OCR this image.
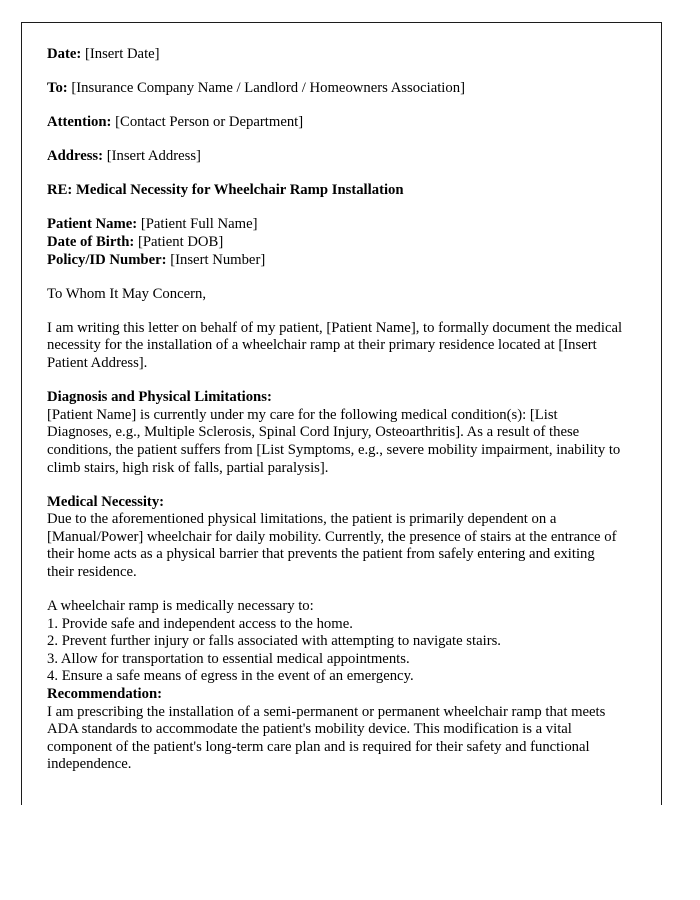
Date: [Insert Date]
To: [Insurance Company Name / Landlord / Homeowners Association]
Attention: [Contact Person or Department]
Address: [Insert Address]
RE: Medical Necessity for Wheelchair Ramp Installation
Patient Name: [Patient Full Name]
Date of Birth: [Patient DOB]
Policy/ID Number: [Insert Number]
To Whom It May Concern,

I am writing this letter on behalf of my patient, [Patient Name], to formally document the medical necessity for the installation of a wheelchair ramp at their primary residence located at [Insert Patient Address].

Diagnosis and Physical Limitations:

[Patient Name] is currently under my care for the following medical condition(s): [List Diagnoses, e.g., Multiple Sclerosis, Spinal Cord Injury, Osteoarthritis]. As a result of these conditions, the patient suffers from [List Symptoms, e.g., severe mobility impairment, inability to climb stairs, high risk of falls, partial paralysis].

Medical Necessity:

Due to the aforementioned physical limitations, the patient is primarily dependent on a [Manual/Power] wheelchair for daily mobility. Currently, the presence of stairs at the entrance of their home acts as a physical barrier that prevents the patient from safely entering and exiting their residence.

A wheelchair ramp is medically necessary to:
1. Provide safe and independent access to the home.
2. Prevent further injury or falls associated with attempting to navigate stairs.
3. Allow for transportation to essential medical appointments.
4. Ensure a safe means of egress in the event of an emergency.
Recommendation:

I am prescribing the installation of a semi-permanent or permanent wheelchair ramp that meets ADA standards to accommodate the patient's mobility device. This modification is a vital component of the patient's long-term care plan and is required for their safety and functional independence.
